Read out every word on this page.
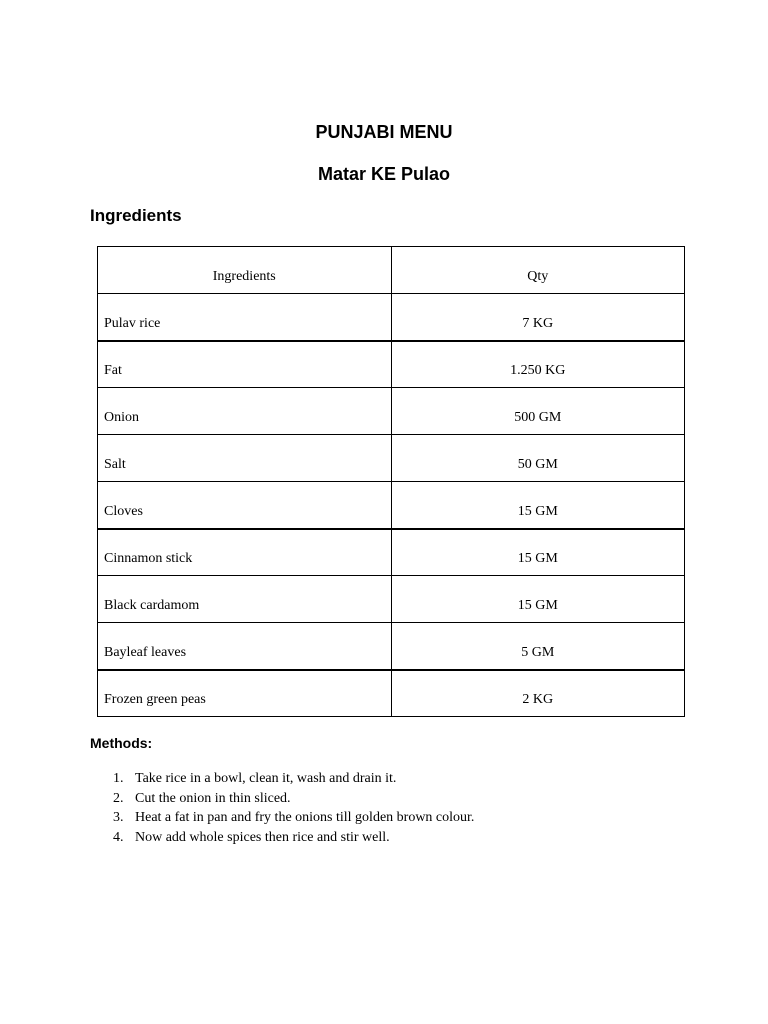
PUNJABI MENU
Matar KE Pulao
Ingredients
Ingredients	Qty
Pulav rice	7 KG
Fat	1.250 KG
Onion	500 GM
Salt	50 GM
Cloves	15 GM
Cinnamon stick	15 GM
Black cardamom	15 GM
Bayleaf leaves	5 GM
Frozen green peas	2 KG
Methods:
1. Take rice in a bowl, clean it, wash and drain it.
2. Cut the onion in thin sliced.
3. Heat a fat in pan and fry the onions till golden brown colour.
4. Now add whole spices then rice and stir well.
